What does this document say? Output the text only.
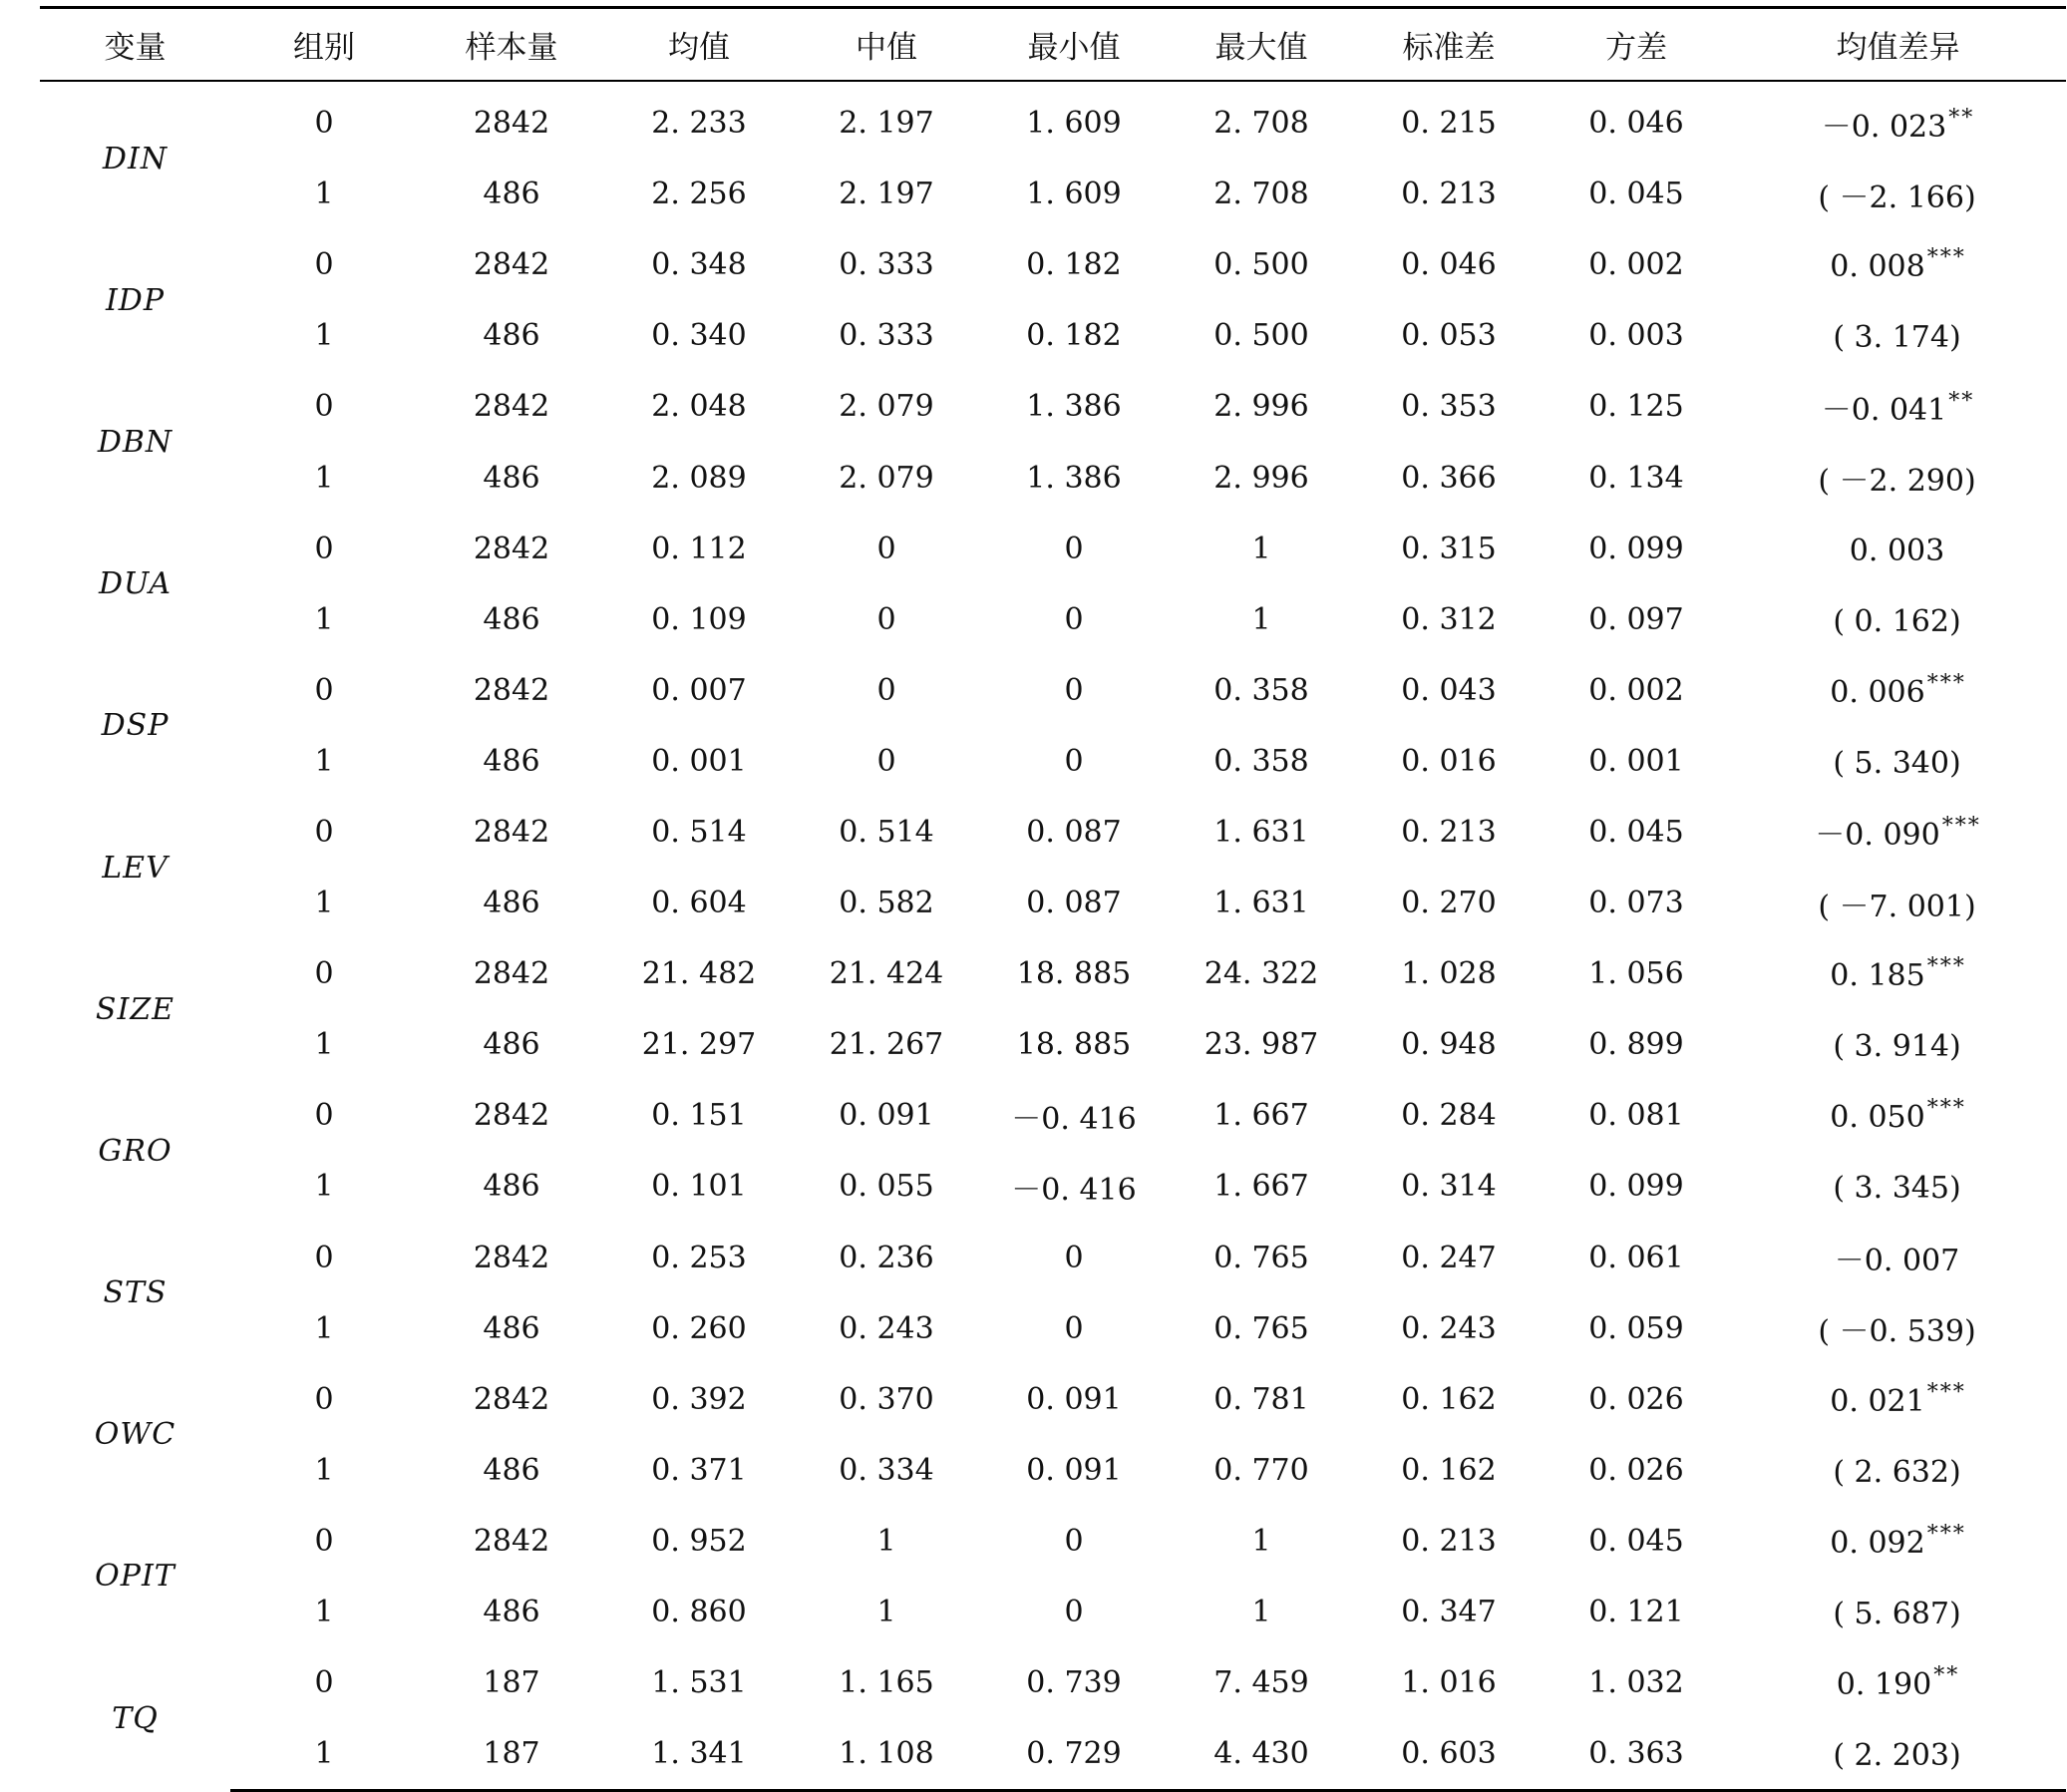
变量	组别	样本量	均值	中值	最小值	最大值	标准差	方差	均值差异
DIN	0	2842	2. 233	2. 197	1. 609	2. 708	0. 215	0. 046	－0. 023**
	1	486	2. 256	2. 197	1. 609	2. 708	0. 213	0. 045	( －2. 166)
IDP	0	2842	0. 348	0. 333	0. 182	0. 500	0. 046	0. 002	0. 008***
	1	486	0. 340	0. 333	0. 182	0. 500	0. 053	0. 003	( 3. 174)
DBN	0	2842	2. 048	2. 079	1. 386	2. 996	0. 353	0. 125	－0. 041**
	1	486	2. 089	2. 079	1. 386	2. 996	0. 366	0. 134	( －2. 290)
DUA	0	2842	0. 112	0	0	1	0. 315	0. 099	0. 003
	1	486	0. 109	0	0	1	0. 312	0. 097	( 0. 162)
DSP	0	2842	0. 007	0	0	0. 358	0. 043	0. 002	0. 006***
	1	486	0. 001	0	0	0. 358	0. 016	0. 001	( 5. 340)
LEV	0	2842	0. 514	0. 514	0. 087	1. 631	0. 213	0. 045	－0. 090***
	1	486	0. 604	0. 582	0. 087	1. 631	0. 270	0. 073	( －7. 001)
SIZE	0	2842	21. 482	21. 424	18. 885	24. 322	1. 028	1. 056	0. 185***
	1	486	21. 297	21. 267	18. 885	23. 987	0. 948	0. 899	( 3. 914)
GRO	0	2842	0. 151	0. 091	－0. 416	1. 667	0. 284	0. 081	0. 050***
	1	486	0. 101	0. 055	－0. 416	1. 667	0. 314	0. 099	( 3. 345)
STS	0	2842	0. 253	0. 236	0	0. 765	0. 247	0. 061	－0. 007
	1	486	0. 260	0. 243	0	0. 765	0. 243	0. 059	( －0. 539)
OWC	0	2842	0. 392	0. 370	0. 091	0. 781	0. 162	0. 026	0. 021***
	1	486	0. 371	0. 334	0. 091	0. 770	0. 162	0. 026	( 2. 632)
OPIT	0	2842	0. 952	1	0	1	0. 213	0. 045	0. 092***
	1	486	0. 860	1	0	1	0. 347	0. 121	( 5. 687)
TQ	0	187	1. 531	1. 165	0. 739	7. 459	1. 016	1. 032	0. 190**
	1	187	1. 341	1. 108	0. 729	4. 430	0. 603	0. 363	( 2. 203)
